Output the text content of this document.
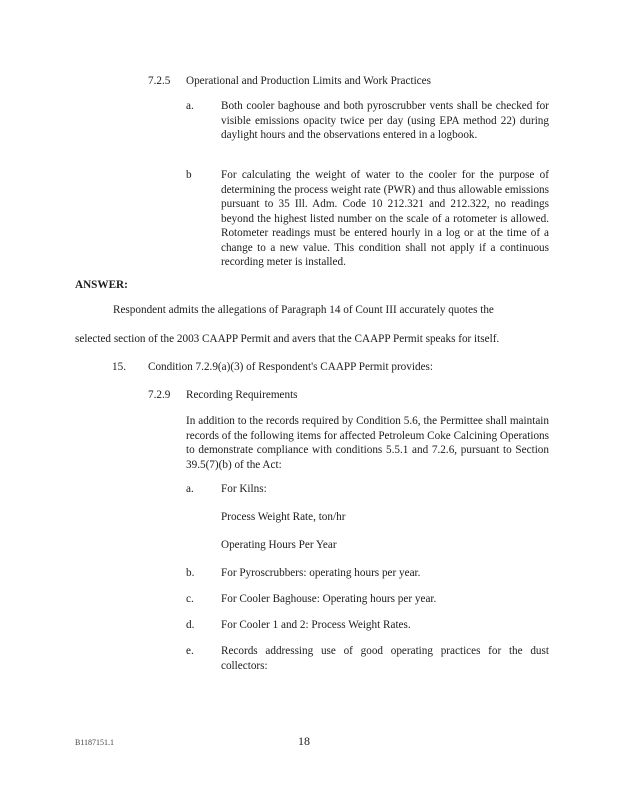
7.2.5 Operational and Production Limits and Work Practices
a. Both cooler baghouse and both pyroscrubber vents shall be checked for visible emissions opacity twice per day (using EPA method 22) during daylight hours and the observations entered in a logbook.
b	For calculating the weight of water to the cooler for the purpose of determining the process weight rate (PWR) and thus allowable emissions pursuant to 35 Ill. Adm. Code 10 212.321 and 212.322, no readings beyond the highest listed number on the scale of a rotometer is allowed. Rotometer readings must be entered hourly in a log or at the time of a change to a new value. This condition shall not apply if a continuous recording meter is installed.
ANSWER:
Respondent admits the allegations of Paragraph 14 of Count III accurately quotes the
selected section of the 2003 CAAPP Permit and avers that the CAAPP Permit speaks for itself.
15. Condition 7.2.9(a)(3) of Respondent's CAAPP Permit provides:
7.2.9 Recording Requirements
In addition to the records required by Condition 5.6, the Permittee shall maintain records of the following items for affected Petroleum Coke Calcining Operations to demonstrate compliance with conditions 5.5.1 and 7.2.6, pursuant to Section 39.5(7)(b) of the Act:
a. For Kilns:
Process Weight Rate, ton/hr
Operating Hours Per Year
b. For Pyroscrubbers: operating hours per year.
c. For Cooler Baghouse: Operating hours per year.
d. For Cooler 1 and 2: Process Weight Rates.
e. Records addressing use of good operating practices for the dust collectors:
B1187151.1	18
